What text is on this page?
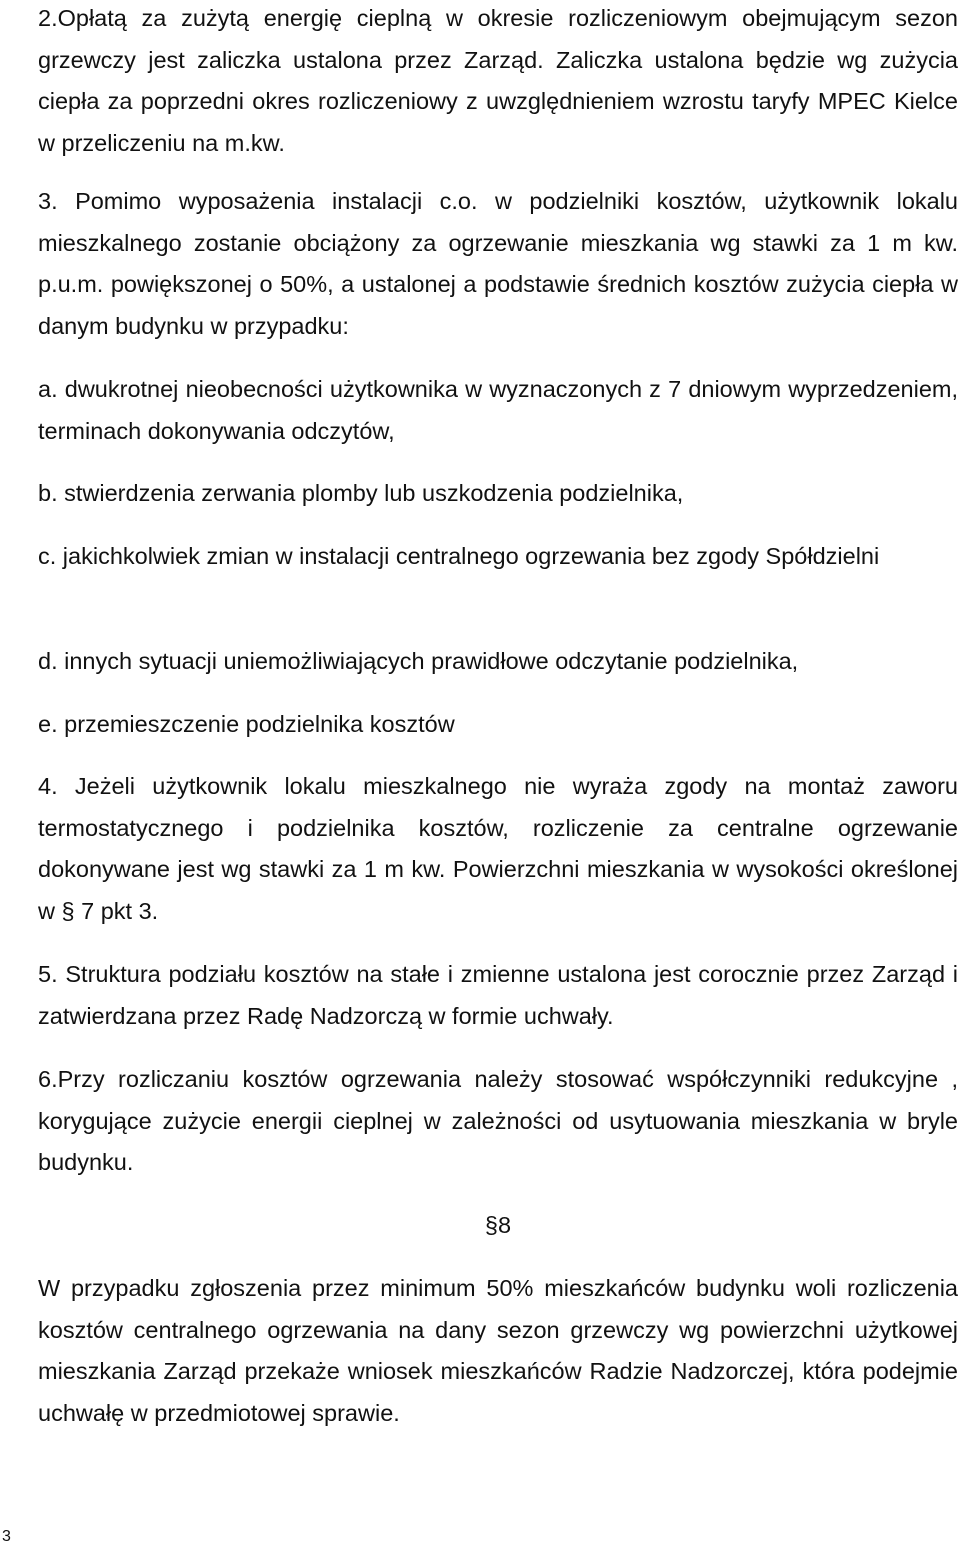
2.Opłatą za zużytą energię cieplną w okresie rozliczeniowym obejmującym sezon grzewczy jest zaliczka ustalona przez Zarząd. Zaliczka ustalona będzie wg zużycia ciepła za poprzedni okres rozliczeniowy z uwzględnieniem wzrostu taryfy MPEC Kielce w przeliczeniu na m.kw.

3. Pomimo wyposażenia instalacji c.o. w podzielniki kosztów, użytkownik lokalu mieszkalnego zostanie obciążony za ogrzewanie mieszkania wg stawki za 1 m kw. p.u.m. powiększonej o 50%, a ustalonej a podstawie średnich kosztów zużycia ciepła w danym budynku w przypadku:

a. dwukrotnej nieobecności użytkownika w wyznaczonych z 7 dniowym wyprzedzeniem, terminach dokonywania odczytów,

b. stwierdzenia zerwania plomby lub uszkodzenia podzielnika,

c. jakichkolwiek zmian w instalacji centralnego ogrzewania bez zgody Spółdzielni

d. innych sytuacji uniemożliwiających prawidłowe odczytanie podzielnika,

e. przemieszczenie podzielnika kosztów

4. Jeżeli użytkownik lokalu mieszkalnego nie wyraża zgody na montaż zaworu termostatycznego i podzielnika kosztów, rozliczenie za centralne ogrzewanie dokonywane jest wg stawki za 1 m kw. Powierzchni mieszkania w wysokości określonej w § 7 pkt 3.

5. Struktura podziału kosztów na stałe i zmienne ustalona jest corocznie przez Zarząd i zatwierdzana przez Radę Nadzorczą w formie uchwały.

6.Przy rozliczaniu kosztów ogrzewania należy stosować współczynniki redukcyjne , korygujące zużycie energii cieplnej w zależności od usytuowania mieszkania w bryle budynku.

§8

W przypadku zgłoszenia przez minimum 50% mieszkańców budynku woli rozliczenia kosztów centralnego ogrzewania na dany sezon grzewczy wg powierzchni użytkowej mieszkania Zarząd przekaże wniosek mieszkańców Radzie Nadzorczej, która podejmie uchwałę w przedmiotowej sprawie.

3
